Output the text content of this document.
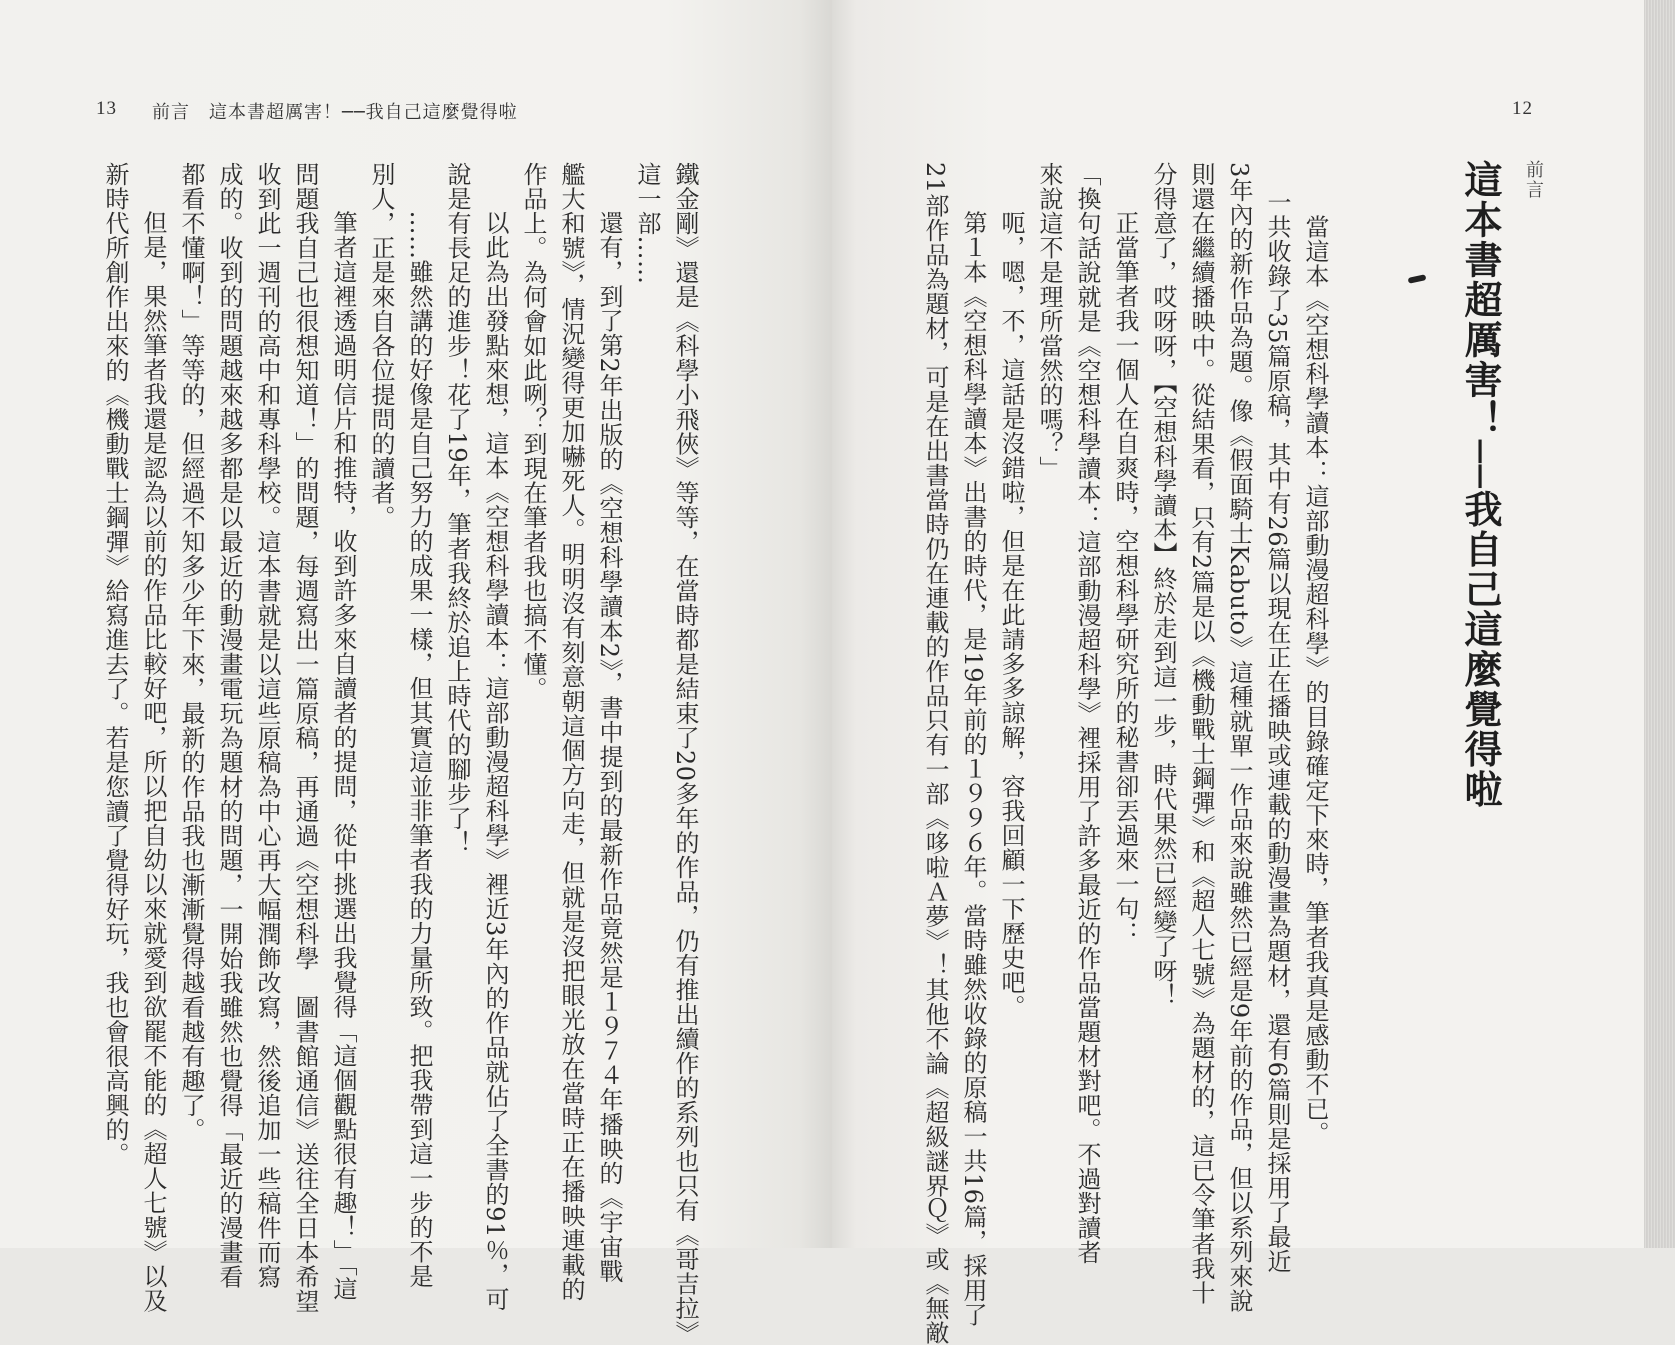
13 前言　這本書超厲害！──我自己這麼覺得啦	12
前言
這本書超厲害！──我自己這麼覺得啦
　當這本《空想科學讀本：這部動漫超科學》的目錄確定下來時，筆者我真是感動不已。
一共收錄了35篇原稿，其中有26篇以現在正在播映或連載的動漫畫為題材，還有6篇則是採用了最近
3年內的新作品為題。像《假面騎士Kabuto》這種就單一作品來說雖然已經是9年前的作品，但以系列來說
則還在繼續播映中。從結果看，只有2篇是以《機動戰士鋼彈》和《超人七號》為題材的，這已令筆者我十
分得意了，哎呀呀，【空想科學讀本】終於走到這一步，時代果然已經變了呀！
　正當筆者我一個人在自爽時，空想科學研究所的秘書卻丟過來一句：
「換句話說就是《空想科學讀本：這部動漫超科學》裡採用了許多最近的作品當題材對吧。不過對讀者
來說這不是理所當然的嗎？」
　呃，嗯，不，這話是沒錯啦，但是在此請多多諒解，容我回顧一下歷史吧。
　第１本《空想科學讀本》出書的時代，是19年前的１９９６年。當時雖然收錄的原稿一共16篇，採用了
21部作品為題材，可是在出書當時仍在連載的作品只有一部《哆啦Ａ夢》！其他不論《超級謎界Ｑ》或《無敵
鐵金剛》還是《科學小飛俠》等等，在當時都是結束了20多年的作品，仍有推出續作的系列也只有《哥吉拉》
這一部……
　還有，到了第2年出版的《空想科學讀本2》，書中提到的最新作品竟然是１９７４年播映的《宇宙戰
艦大和號》，情況變得更加嚇死人。明明沒有刻意朝這個方向走，但就是沒把眼光放在當時正在播映連載的
作品上。為何會如此咧？到現在筆者我也搞不懂。
　以此為出發點來想，這本《空想科學讀本：這部動漫超科學》裡近3年內的作品就佔了全書的91％，可
說是有長足的進步！花了19年，筆者我終於追上時代的腳步了！
　……雖然講的好像是自己努力的成果一樣，但其實這並非筆者我的力量所致。把我帶到這一步的不是
別人，正是來自各位提問的讀者。
　筆者這裡透過明信片和推特，收到許多來自讀者的提問，從中挑選出我覺得「這個觀點很有趣！」「這
問題我自己也很想知道！」的問題，每週寫出一篇原稿，再通過《空想科學　圖書館通信》送往全日本希望
收到此一週刊的高中和專科學校。這本書就是以這些原稿為中心再大幅潤飾改寫，然後追加一些稿件而寫
成的。收到的問題越來越多都是以最近的動漫畫電玩為題材的問題，一開始我雖然也覺得「最近的漫畫看
都看不懂啊！」等等的，但經過不知多少年下來，最新的作品我也漸漸覺得越看越有趣了。
　但是，果然筆者我還是認為以前的作品比較好吧，所以把自幼以來就愛到欲罷不能的《超人七號》以及
新時代所創作出來的《機動戰士鋼彈》給寫進去了。若是您讀了覺得好玩，我也會很高興的。
